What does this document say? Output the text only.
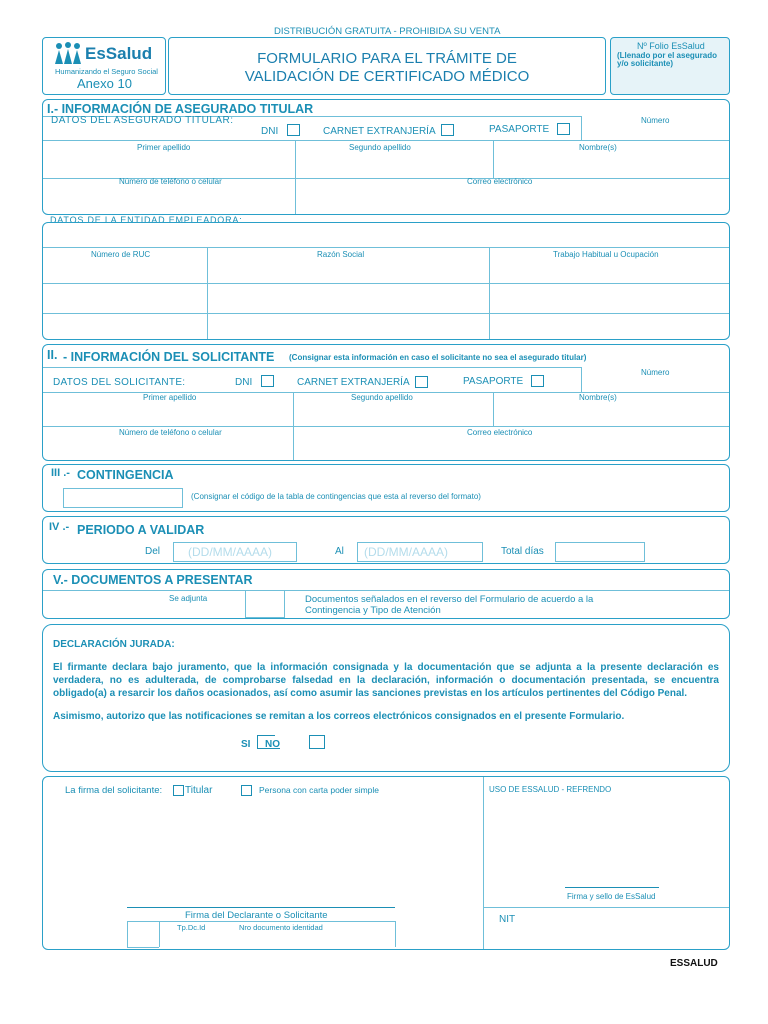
DISTRIBUCIÓN GRATUITA - PROHIBIDA SU VENTA
EsSalud
Humanizando el Seguro Social
Anexo 10
FORMULARIO PARA EL TRÁMITE DE
VALIDACIÓN DE CERTIFICADO MÉDICO
Nº Folio EsSalud
(Llenado por el asegurado
y/o solicitante)
I.- INFORMACIÓN DE ASEGURADO TITULAR
DATOS DEL ASEGURADO TITULAR:
DNI	CARNET EXTRANJERÍA	PASAPORTE
Número
Primer apellido	Segundo apellido	Nombre(s)
Número de teléfono o celular	Correo electrónico
DATOS DE LA ENTIDAD EMPLEADORA:
Número de RUC	Razón Social	Trabajo Habitual u Ocupación
II. - INFORMACIÓN DEL SOLICITANTE (Consignar esta información en caso el solicitante no sea el asegurado titular)
DATOS DEL SOLICITANTE:	DNI	CARNET EXTRANJERÍA	PASAPORTE
Número
Primer apellido	Segundo apellido	Nombre(s)
Número de teléfono o celular	Correo electrónico
III .- CONTINGENCIA
(Consignar el código de la tabla de contingencias que esta al reverso del formato)
IV .- PERIODO A VALIDAR
Del (DD/MM/AAAA)	Al (DD/MM/AAAA)	Total días
V.- DOCUMENTOS A PRESENTAR
Se adjunta	Documentos señalados en el reverso del Formulario de acuerdo a la
Contingencia y Tipo de Atención
DECLARACIÓN JURADA:
El firmante declara bajo juramento, que la información consignada y la documentación que se adjunta a la presente declaración es verdadera, no es adulterada, de comprobarse falsedad en la declaración, información o documentación presentada, se encuentra obligado(a) a resarcir los daños ocasionados, así como asumir las sanciones previstas en los artículos pertinentes del Código Penal.
Asimismo, autorizo que las notificaciones se remitan a los correos electrónicos consignados en el presente Formulario.
SI NO
La firma del solicitante: Titular	Persona con carta poder simple	USO DE ESSALUD - REFRENDO
Firma y sello de EsSalud
NIT
Firma del Declarante o Solicitante
Tp.Dc.Id	Nro documento identidad
ESSALUD
